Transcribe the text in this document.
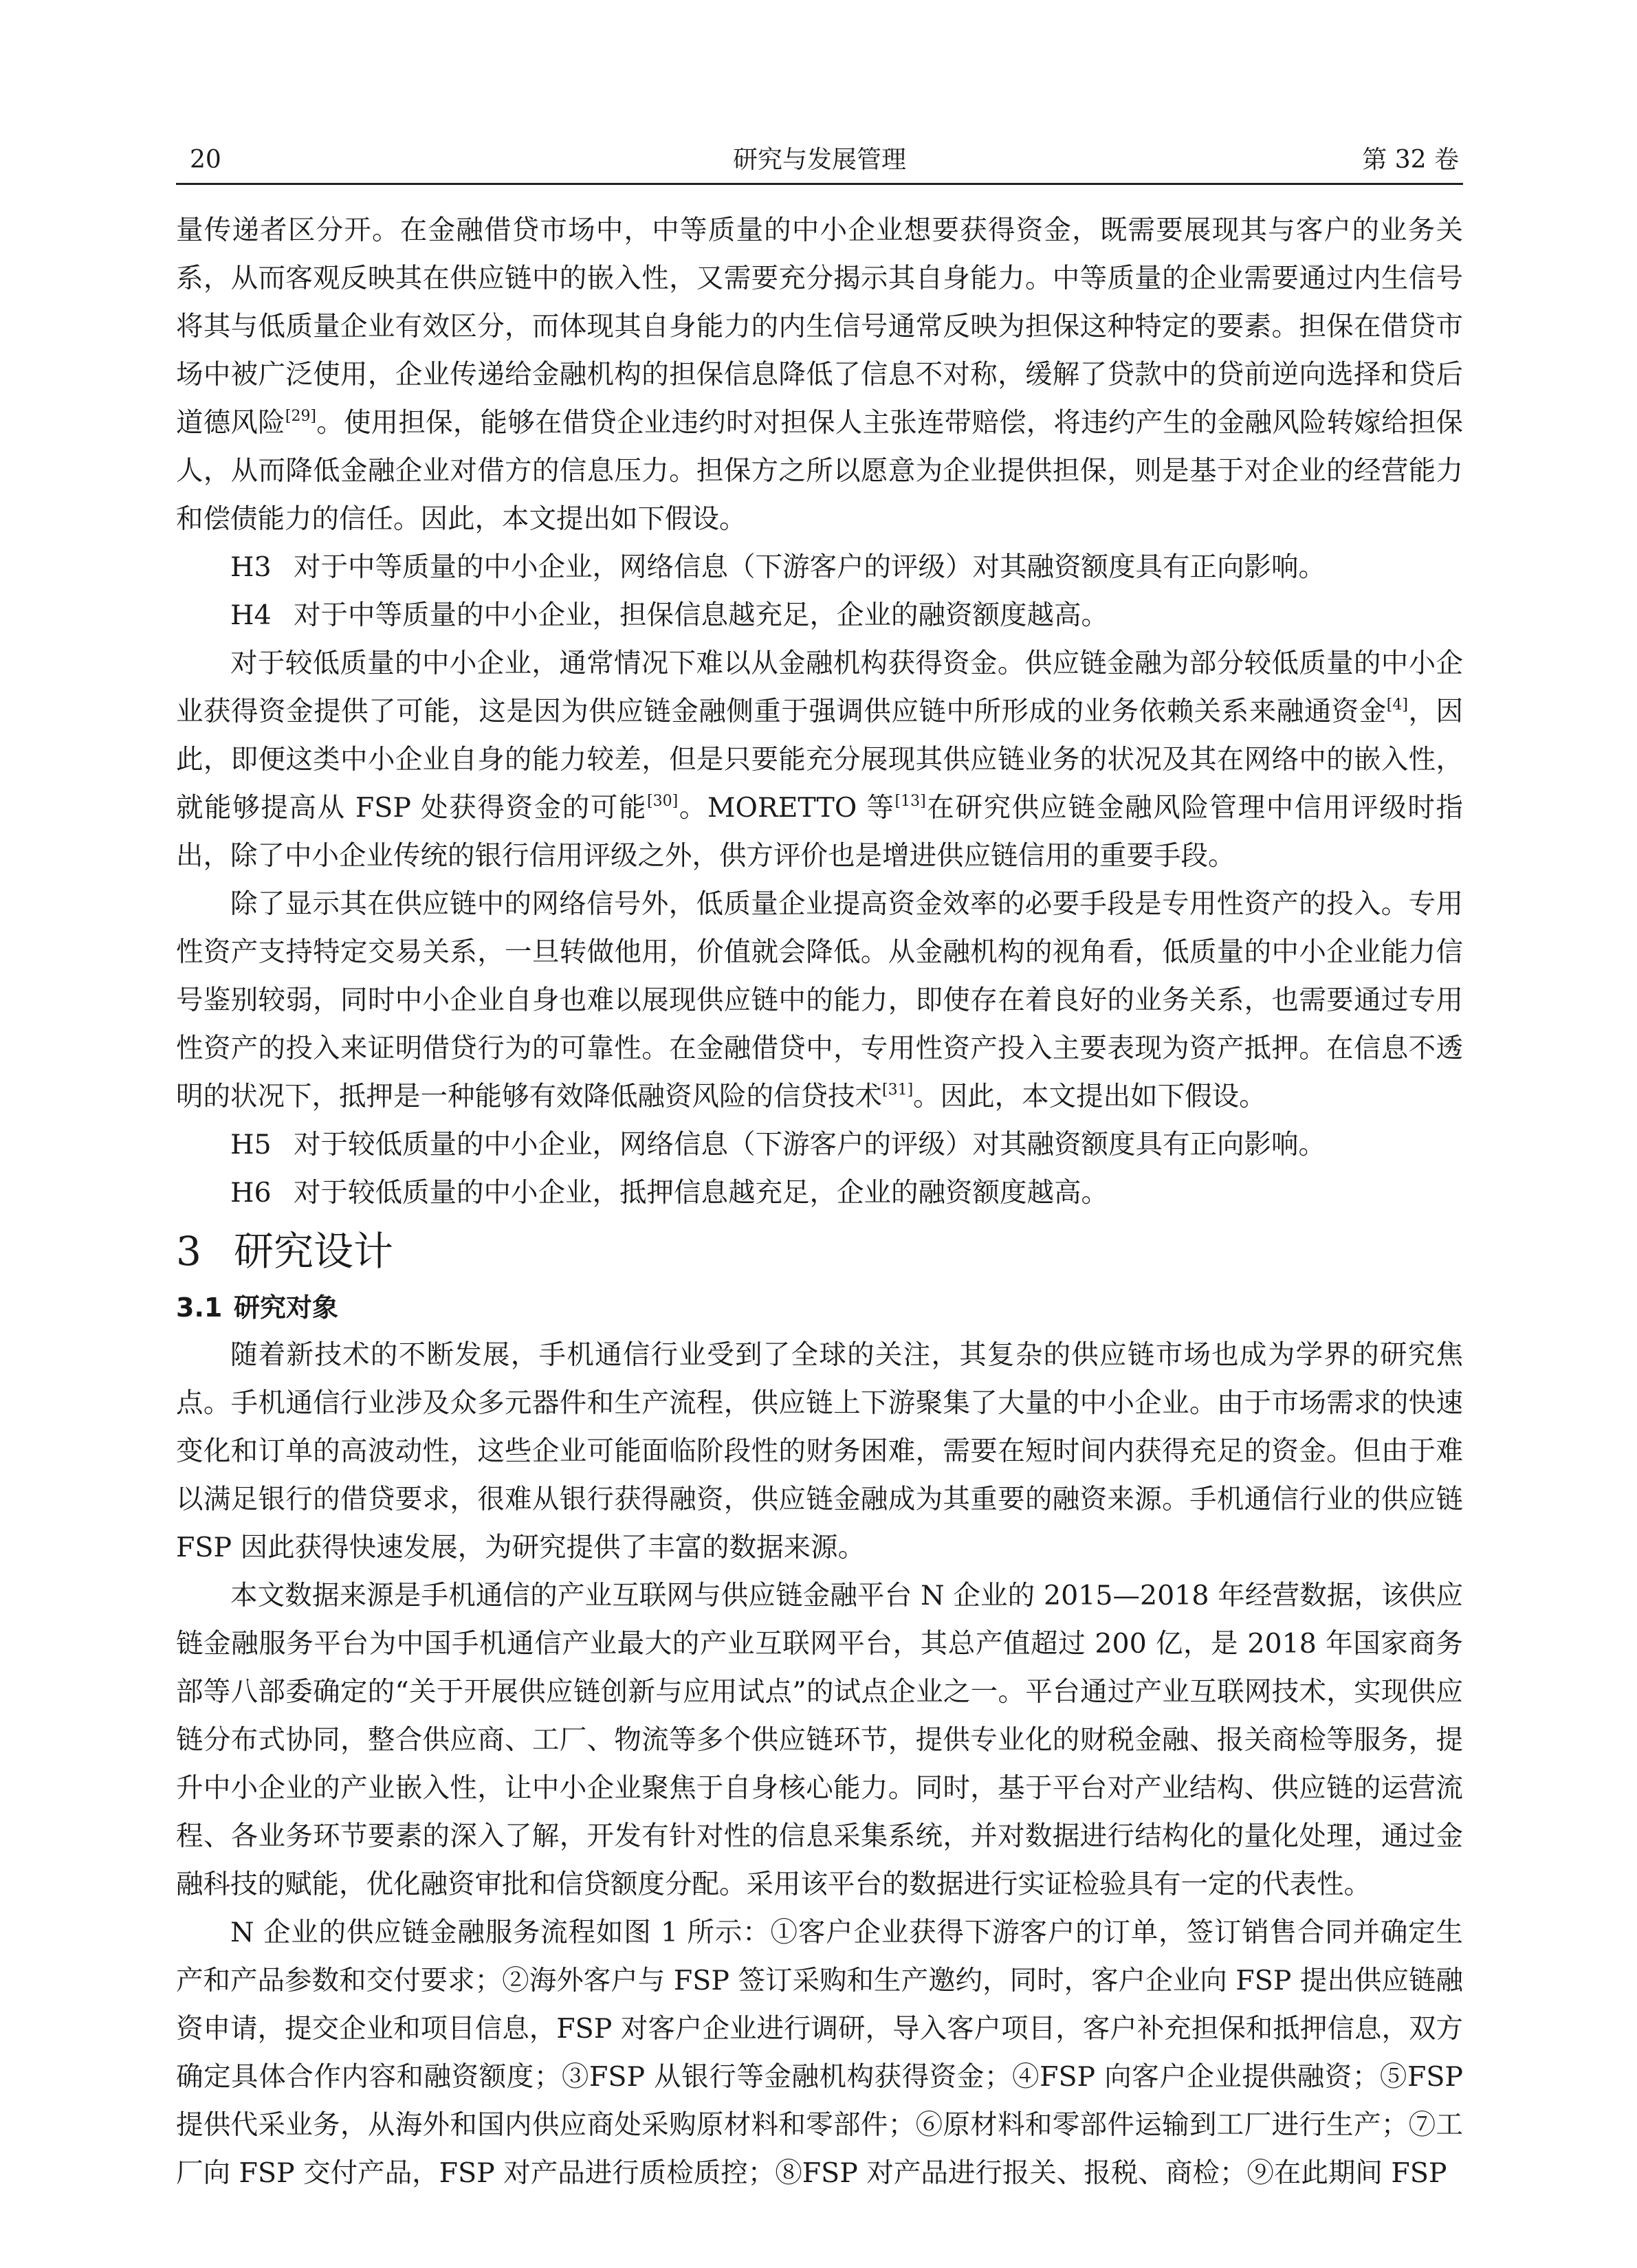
研究与发展管理
20	第 32 卷

量传递者区分开。在金融借贷市场中，中等质量的中小企业想要获得资金，既需要展现其与客户的业务关系，从而客观反映其在供应链中的嵌入性，又需要充分揭示其自身能力。中等质量的企业需要通过内生信号将其与低质量企业有效区分，而体现其自身能力的内生信号通常反映为担保这种特定的要素。担保在借贷市场中被广泛使用，企业传递给金融机构的担保信息降低了信息不对称，缓解了贷款中的贷前逆向选择和贷后道德风险[29]。使用担保，能够在借贷企业违约时对担保人主张连带赔偿，将违约产生的金融风险转嫁给担保人，从而降低金融企业对借方的信息压力。担保方之所以愿意为企业提供担保，则是基于对企业的经营能力和偿债能力的信任。因此，本文提出如下假设。

H3 对于中等质量的中小企业，网络信息（下游客户的评级）对其融资额度具有正向影响。

H4 对于中等质量的中小企业，担保信息越充足，企业的融资额度越高。

对于较低质量的中小企业，通常情况下难以从金融机构获得资金。供应链金融为部分较低质量的中小企业获得资金提供了可能，这是因为供应链金融侧重于强调供应链中所形成的业务依赖关系来融通资金[4]，因此，即便这类中小企业自身的能力较差，但是只要能充分展现其供应链业务的状况及其在网络中的嵌入性，就能够提高从 FSP 处获得资金的可能[30]。MORETTO 等[13]在研究供应链金融风险管理中信用评级时指出，除了中小企业传统的银行信用评级之外，供方评价也是增进供应链信用的重要手段。

除了显示其在供应链中的网络信号外，低质量企业提高资金效率的必要手段是专用性资产的投入。专用性资产支持特定交易关系，一旦转做他用，价值就会降低。从金融机构的视角看，低质量的中小企业能力信号鉴别较弱，同时中小企业自身也难以展现供应链中的能力，即使存在着良好的业务关系，也需要通过专用性资产的投入来证明借贷行为的可靠性。在金融借贷中，专用性资产投入主要表现为资产抵押。在信息不透明的状况下，抵押是一种能够有效降低融资风险的信贷技术[31]。因此，本文提出如下假设。

H5 对于较低质量的中小企业，网络信息（下游客户的评级）对其融资额度具有正向影响。

H6 对于较低质量的中小企业，抵押信息越充足，企业的融资额度越高。

3 研究设计
3.1 研究对象

随着新技术的不断发展，手机通信行业受到了全球的关注，其复杂的供应链市场也成为学界的研究焦点。手机通信行业涉及众多元器件和生产流程，供应链上下游聚集了大量的中小企业。由于市场需求的快速变化和订单的高波动性，这些企业可能面临阶段性的财务困难，需要在短时间内获得充足的资金。但由于难以满足银行的借贷要求，很难从银行获得融资，供应链金融成为其重要的融资来源。手机通信行业的供应链 FSP 因此获得快速发展，为研究提供了丰富的数据来源。

本文数据来源是手机通信的产业互联网与供应链金融平台 N 企业的 2015—2018 年经营数据，该供应链金融服务平台为中国手机通信产业最大的产业互联网平台，其总产值超过 200 亿，是 2018 年国家商务部等八部委确定的“关于开展供应链创新与应用试点”的试点企业之一。平台通过产业互联网技术，实现供应链分布式协同，整合供应商、工厂、物流等多个供应链环节，提供专业化的财税金融、报关商检等服务，提升中小企业的产业嵌入性，让中小企业聚焦于自身核心能力。同时，基于平台对产业结构、供应链的运营流程、各业务环节要素的深入了解，开发有针对性的信息采集系统，并对数据进行结构化的量化处理，通过金融科技的赋能，优化融资审批和信贷额度分配。采用该平台的数据进行实证检验具有一定的代表性。

N 企业的供应链金融服务流程如图 1 所示：①客户企业获得下游客户的订单，签订销售合同并确定生产和产品参数和交付要求；②海外客户与 FSP 签订采购和生产邀约，同时，客户企业向 FSP 提出供应链融资申请，提交企业和项目信息，FSP 对客户企业进行调研，导入客户项目，客户补充担保和抵押信息，双方确定具体合作内容和融资额度；③FSP 从银行等金融机构获得资金；④FSP 向客户企业提供融资；⑤FSP 提供代采业务，从海外和国内供应商处采购原材料和零部件；⑥原材料和零部件运输到工厂进行生产；⑦工厂向 FSP 交付产品，FSP 对产品进行质检质控；⑧FSP 对产品进行报关、报税、商检；⑨在此期间 FSP
